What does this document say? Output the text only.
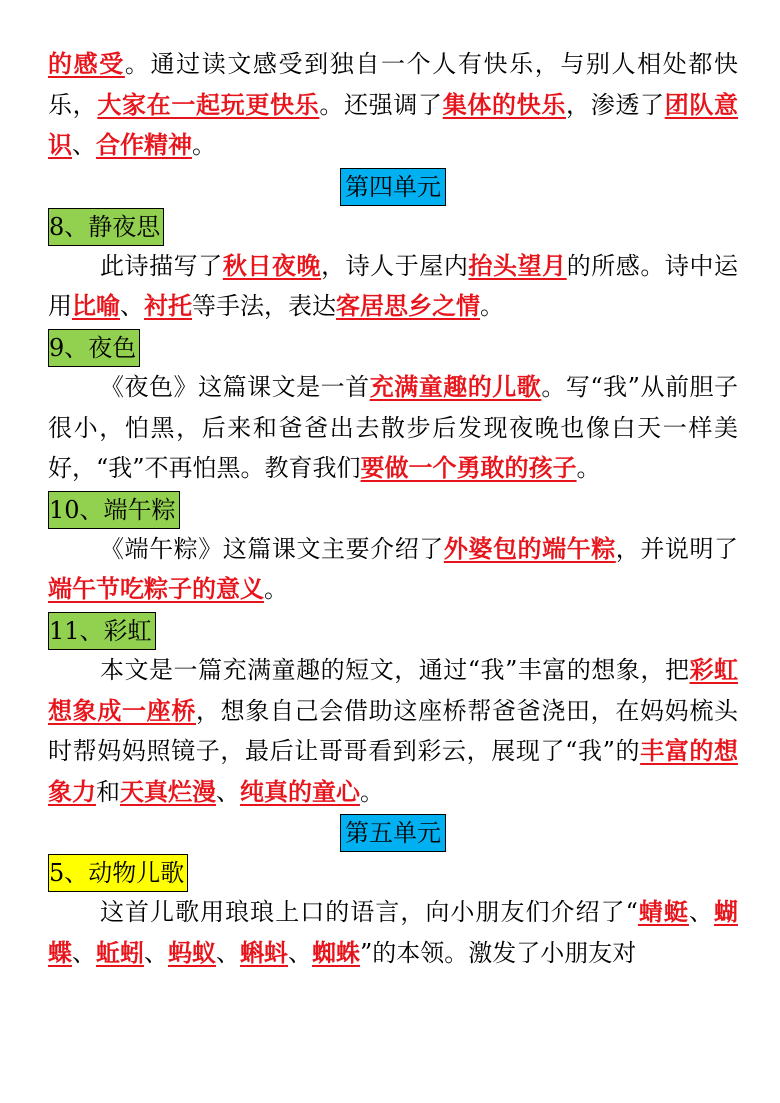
的感受。通过读文感受到独自一个人有快乐，与别人相处都快乐，大家在一起玩更快乐。还强调了集体的快乐，渗透了团队意识、合作精神。

第四单元
8、静夜思

此诗描写了秋日夜晚，诗人于屋内抬头望月的所感。诗中运用比喻、衬托等手法，表达客居思乡之情。

9、夜色

《夜色》这篇课文是一首充满童趣的儿歌。写“我”从前胆子很小，怕黑，后来和爸爸出去散步后发现夜晚也像白天一样美好，“我”不再怕黑。教育我们要做一个勇敢的孩子。

10、端午粽

《端午粽》这篇课文主要介绍了外婆包的端午粽，并说明了端午节吃粽子的意义。

11、彩虹

本文是一篇充满童趣的短文，通过“我”丰富的想象，把彩虹想象成一座桥，想象自己会借助这座桥帮爸爸浇田，在妈妈梳头时帮妈妈照镜子，最后让哥哥看到彩云，展现了“我”的丰富的想象力和天真烂漫、纯真的童心。

第五单元
5、动物儿歌

这首儿歌用琅琅上口的语言，向小朋友们介绍了“蜻蜓、蝴蝶、蚯蚓、蚂蚁、蝌蚪、蜘蛛”的本领。激发了小朋友对
